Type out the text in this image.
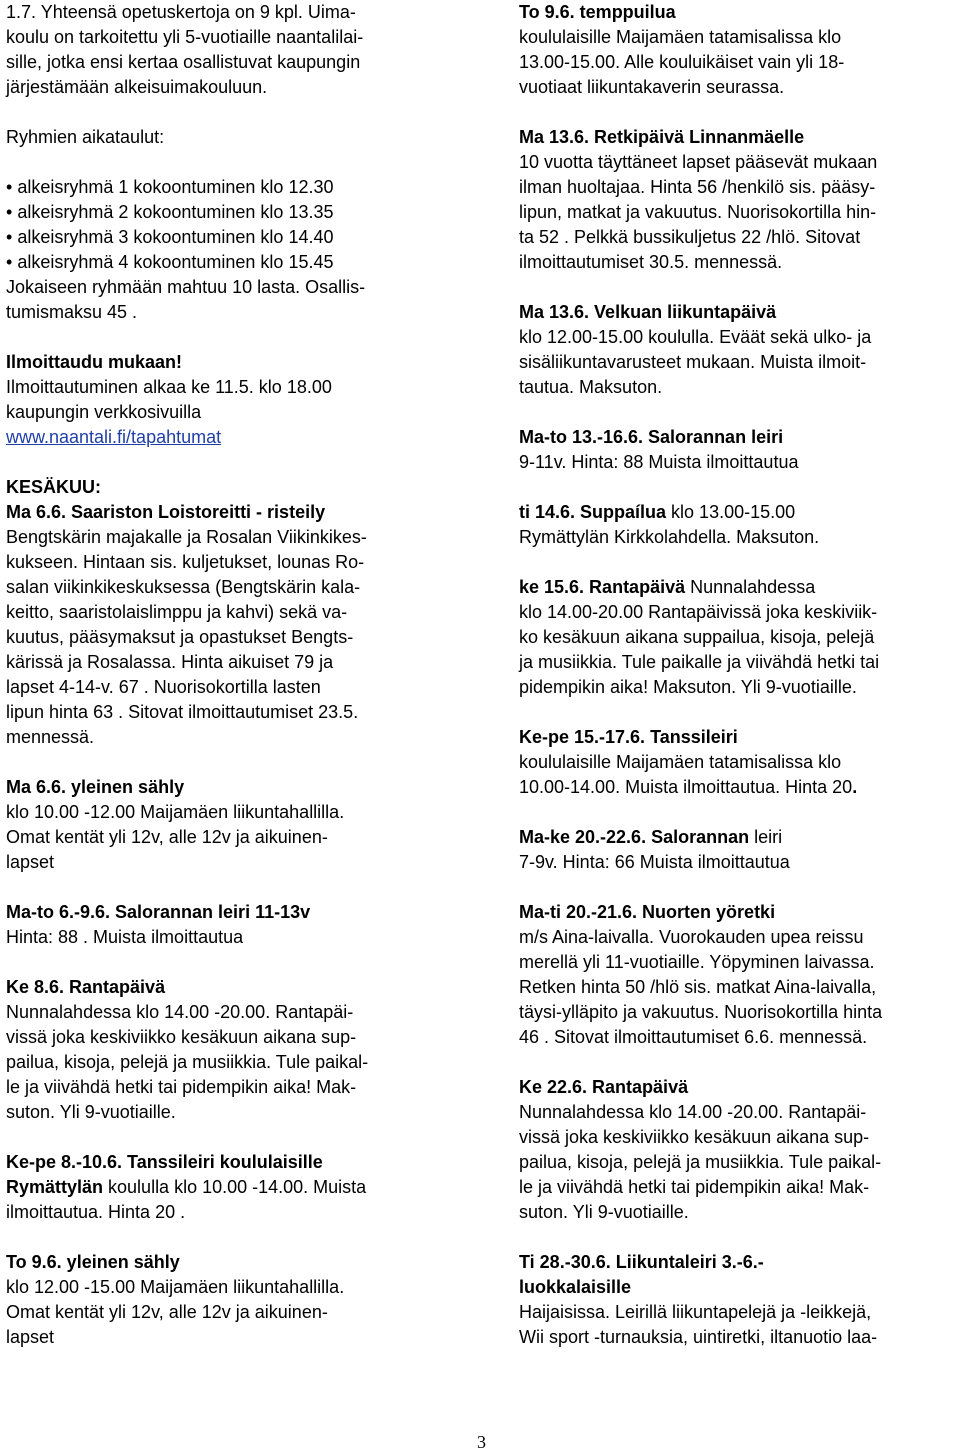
1.7. Yhteensä opetuskertoja on 9 kpl. Uima-

koulu on tarkoitettu yli 5-vuotiaille naantalilai-

sille, jotka ensi kertaa osallistuvat kaupungin

järjestämään alkeisuimakouluun.

Ryhmien aikataulut:

• alkeisryhmä 1 kokoontuminen klo 12.30
• alkeisryhmä 2 kokoontuminen klo 13.35
• alkeisryhmä 3 kokoontuminen klo 14.40
• alkeisryhmä 4 kokoontuminen klo 15.45

Jokaiseen ryhmään mahtuu 10 lasta. Osallis-

tumismaksu 45 .

Ilmoittaudu mukaan!

Ilmoittautuminen alkaa ke 11.5. klo 18.00

kaupungin verkkosivuilla

www.naantali.fi/tapahtumat

KESÄKUU:

Ma 6.6. Saariston Loistoreitti - risteily

Bengtskärin majakalle ja Rosalan Viikinkikes-

kukseen. Hintaan sis. kuljetukset, lounas Ro-

salan viikinkikeskuksessa (Bengtskärin kala-

keitto, saaristolaislimppu ja kahvi) sekä va-

kuutus, pääsymaksut ja opastukset Bengts-

kärissä ja Rosalassa. Hinta aikuiset 79 ja

lapset 4-14-v. 67 . Nuorisokortilla lasten

lipun hinta 63 . Sitovat ilmoittautumiset 23.5.

mennessä.

Ma 6.6. yleinen sähly

klo 10.00 -12.00 Maijamäen liikuntahallilla.

Omat kentät yli 12v, alle 12v ja aikuinen-

lapset

Ma-to 6.-9.6. Salorannan leiri 11-13v

Hinta: 88 . Muista ilmoittautua

Ke 8.6. Rantapäivä

Nunnalahdessa klo 14.00 -20.00. Rantapäi-

vissä joka keskiviikko kesäkuun aikana sup-

pailua, kisoja, pelejä ja musiikkia. Tule paikal-

le ja viivähdä hetki tai pidempikin aika! Mak-

suton. Yli 9-vuotiaille.

Ke-pe 8.-10.6. Tanssileiri koululaisille

Rymättylän koululla klo 10.00 -14.00. Muista

ilmoittautua. Hinta 20 .

To 9.6. yleinen sähly

klo 12.00 -15.00 Maijamäen liikuntahallilla.

Omat kentät yli 12v, alle 12v ja aikuinen-

lapset

To 9.6. temppuilua

koululaisille Maijamäen tatamisalissa klo

13.00-15.00. Alle kouluikäiset vain yli 18-

vuotiaat liikuntakaverin seurassa.

Ma 13.6. Retkipäivä Linnanmäelle

10 vuotta täyttäneet lapset pääsevät mukaan

ilman huoltajaa. Hinta 56 /henkilö sis. pääsy-

lipun, matkat ja vakuutus. Nuorisokortilla hin-

ta 52 . Pelkkä bussikuljetus 22 /hlö. Sitovat

ilmoittautumiset 30.5. mennessä.

Ma 13.6. Velkuan liikuntapäivä

klo 12.00-15.00 koululla. Eväät sekä ulko- ja

sisäliikuntavarusteet mukaan. Muista ilmoit-

tautua. Maksuton.

Ma-to 13.-16.6. Salorannan leiri

9-11v. Hinta: 88 Muista ilmoittautua

ti 14.6. Suppaílua klo 13.00-15.00

Rymättylän Kirkkolahdella. Maksuton.

ke 15.6. Rantapäivä Nunnalahdessa

klo 14.00-20.00 Rantapäivissä joka keskiviik-

ko kesäkuun aikana suppailua, kisoja, pelejä

ja musiikkia. Tule paikalle ja viivähdä hetki tai

pidempikin aika! Maksuton. Yli 9-vuotiaille.

Ke-pe 15.-17.6. Tanssileiri

koululaisille Maijamäen tatamisalissa klo

10.00-14.00. Muista ilmoittautua. Hinta 20.

Ma-ke 20.-22.6. Salorannan leiri

7-9v. Hinta: 66 Muista ilmoittautua

Ma-ti 20.-21.6. Nuorten yöretki

m/s Aina-laivalla. Vuorokauden upea reissu

merellä yli 11-vuotiaille. Yöpyminen laivassa.

Retken hinta 50 /hlö sis. matkat Aina-laivalla,

täysi-ylläpito ja vakuutus. Nuorisokortilla hinta

46 . Sitovat ilmoittautumiset 6.6. mennessä.

Ke 22.6. Rantapäivä

Nunnalahdessa klo 14.00 -20.00. Rantapäi-

vissä joka keskiviikko kesäkuun aikana sup-

pailua, kisoja, pelejä ja musiikkia. Tule paikal-

le ja viivähdä hetki tai pidempikin aika! Mak-

suton. Yli 9-vuotiaille.

Ti 28.-30.6. Liikuntaleiri 3.-6.-

luokkalaisille

Haijaisissa. Leirillä liikuntapelejä ja -leikkejä,

Wii sport -turnauksia, uintiretki, iltanuotio laa-

3
